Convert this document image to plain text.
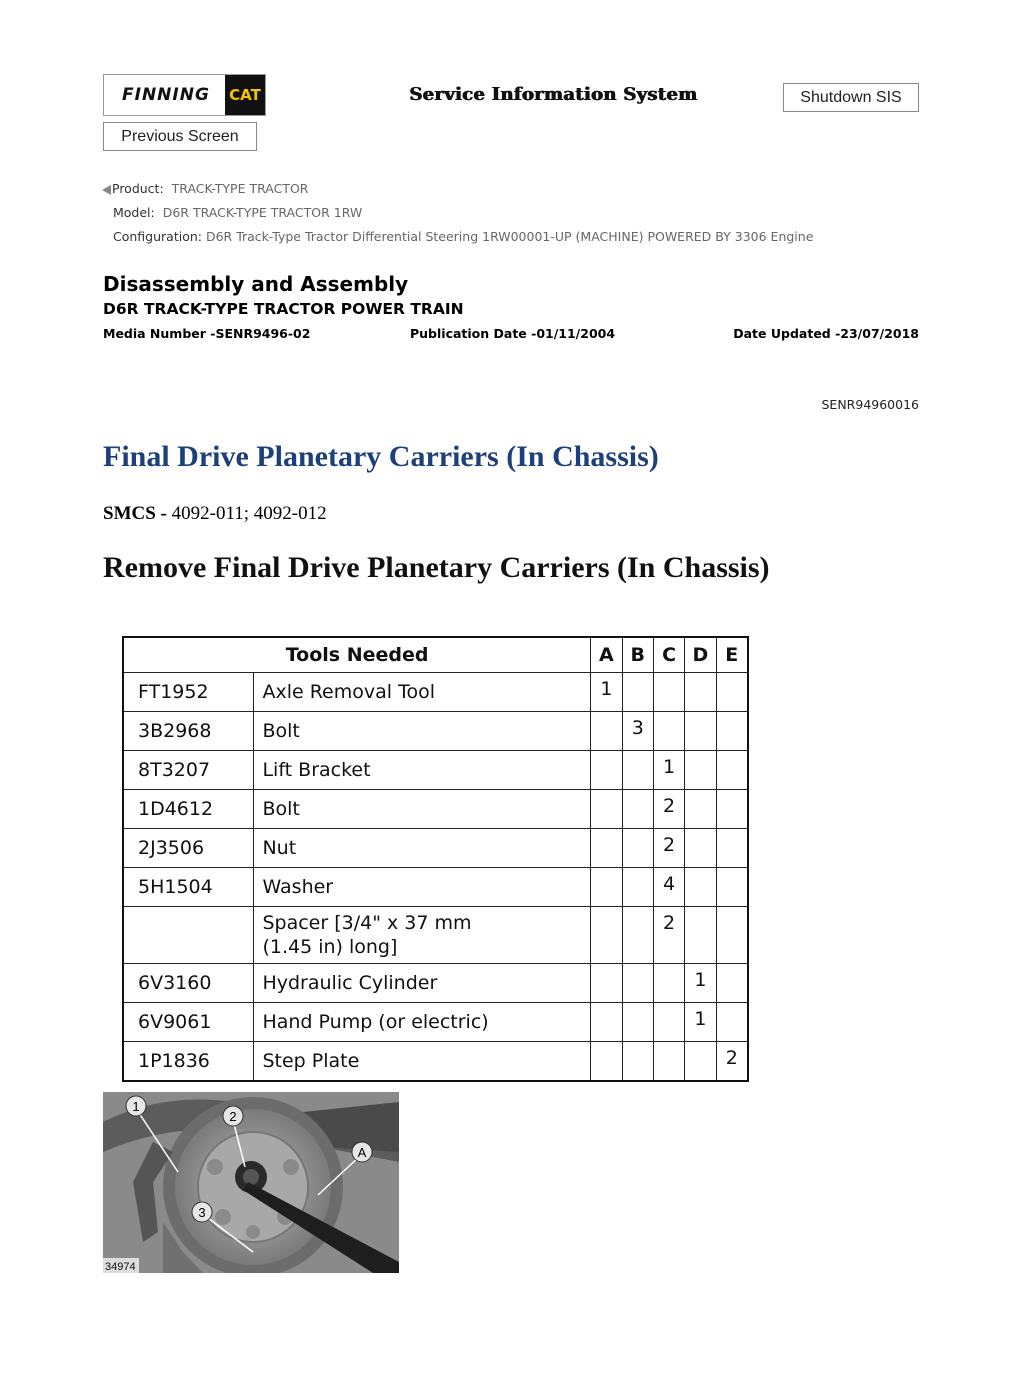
FINNING CAT	Service Information System	Shutdown SIS
Previous Screen
Product: TRACK-TYPE TRACTOR
Model: D6R TRACK-TYPE TRACTOR 1RW
Configuration: D6R Track-Type Tractor Differential Steering 1RW00001-UP (MACHINE) POWERED BY 3306 Engine
Disassembly and Assembly
D6R TRACK-TYPE TRACTOR POWER TRAIN
Media Number -SENR9496-02	Publication Date -01/11/2004	Date Updated -23/07/2018
SENR94960016
Final Drive Planetary Carriers (In Chassis)
SMCS - 4092-011; 4092-012
Remove Final Drive Planetary Carriers (In Chassis)
Tools Needed		A	B	C	D	E
FT1952	Axle Removal Tool	1				
3B2968	Bolt		3			
8T3207	Lift Bracket			1		
1D4612	Bolt			2		
2J3506	Nut			2		
5H1504	Washer			4		

	Spacer [3/4" x 37 mm
(1.45 in) long]			2		
6V3160	Hydraulic Cylinder				1	
6V9061	Hand Pump (or electric)				1	
1P1836	Step Plate					2
1
2
A
3
34974
